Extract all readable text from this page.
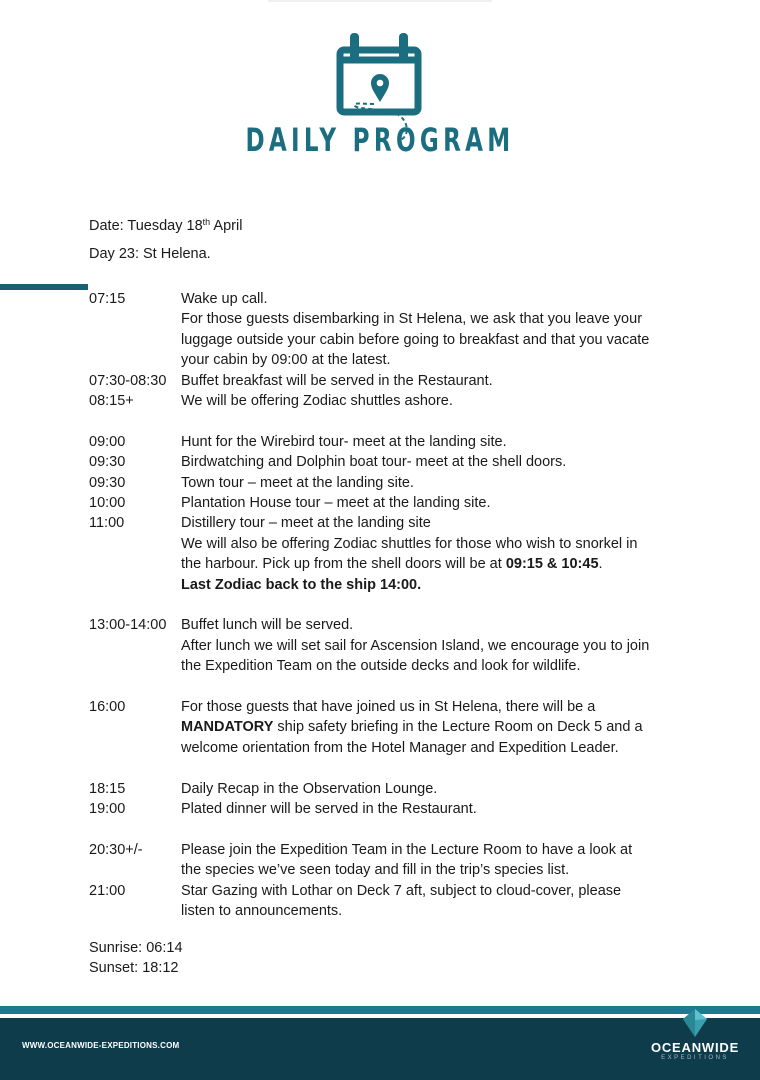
DAILY PROGRAM
Date: Tuesday 18th April
Day 23: St Helena.
07:15	Wake up call.
For those guests disembarking in St Helena, we ask that you leave your
luggage outside your cabin before going to breakfast and that you vacate
your cabin by 09:00 at the latest.
07:30-08:30	Buffet breakfast will be served in the Restaurant.
08:15+	We will be offering Zodiac shuttles ashore.
09:00	Hunt for the Wirebird tour- meet at the landing site.
09:30	Birdwatching and Dolphin boat tour- meet at the shell doors.
09:30	Town tour – meet at the landing site.
10:00	Plantation House tour – meet at the landing site.
11:00	Distillery tour – meet at the landing site
We will also be offering Zodiac shuttles for those who wish to snorkel in
the harbour. Pick up from the shell doors will be at 09:15 & 10:45.
Last Zodiac back to the ship 14:00.
13:00-14:00	Buffet lunch will be served.
After lunch we will set sail for Ascension Island, we encourage you to join
the Expedition Team on the outside decks and look for wildlife.
16:00	For those guests that have joined us in St Helena, there will be a
MANDATORY ship safety briefing in the Lecture Room on Deck 5 and a
welcome orientation from the Hotel Manager and Expedition Leader.
18:15	Daily Recap in the Observation Lounge.
19:00	Plated dinner will be served in the Restaurant.
20:30+/-	Please join the Expedition Team in the Lecture Room to have a look at
the species we’ve seen today and fill in the trip’s species list.
21:00	Star Gazing with Lothar on Deck 7 aft, subject to cloud-cover, please
listen to announcements.
Sunrise: 06:14
Sunset: 18:12
WWW.OCEANWIDE-EXPEDITIONS.COM	OCEANWIDE
EXPEDITIONS
